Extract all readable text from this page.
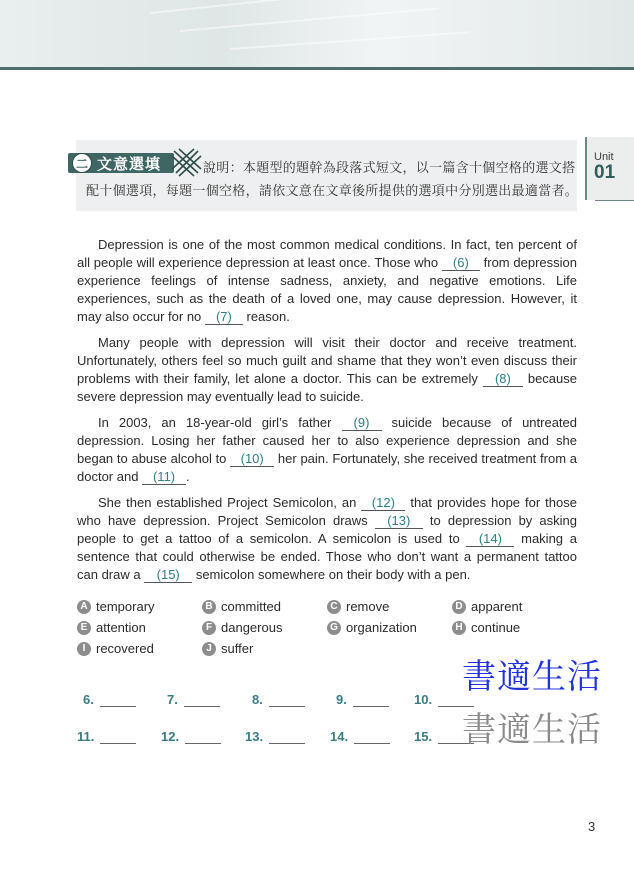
Unit
01
二 文意選填	說明：本題型的題幹為段落式短文，以一篇含十個空格的選文搭
配十個選項，每題一個空格，請依文意在文章後所提供的選項中分別選出最適當者。

Depression is one of the most common medical conditions. In fact, ten percent of all people will experience depression at least once. Those who (6) from depression experience feelings of intense sadness, anxiety, and negative emotions. Life experiences, such as the death of a loved one, may cause depression. However, it may also occur for no (7) reason.

Many people with depression will visit their doctor and receive treatment. Unfortunately, others feel so much guilt and shame that they won’t even discuss their problems with their family, let alone a doctor. This can be extremely (8) because severe depression may eventually lead to suicide.

In 2003, an 18-year-old girl’s father (9) suicide because of untreated depression. Losing her father caused her to also experience depression and she began to abuse alcohol to (10) her pain. Fortunately, she received treatment from a doctor and (11) .

She then established Project Semicolon, an (12) that provides hope for those who have depression. Project Semicolon draws (13) to depression by asking people to get a tattoo of a semicolon. A semicolon is used to (14) making a sentence that could otherwise be ended. Those who don’t want a permanent tattoo can draw a (15) semicolon somewhere on their body with a pen.

A temporary	B committed	C remove	D apparent
E attention	F dangerous	G organization	H continue
I recovered	J suffer
6.	7.	8.	9.	10.
11.	12.	13.	14.	15.
書適生活
書適生活
3
